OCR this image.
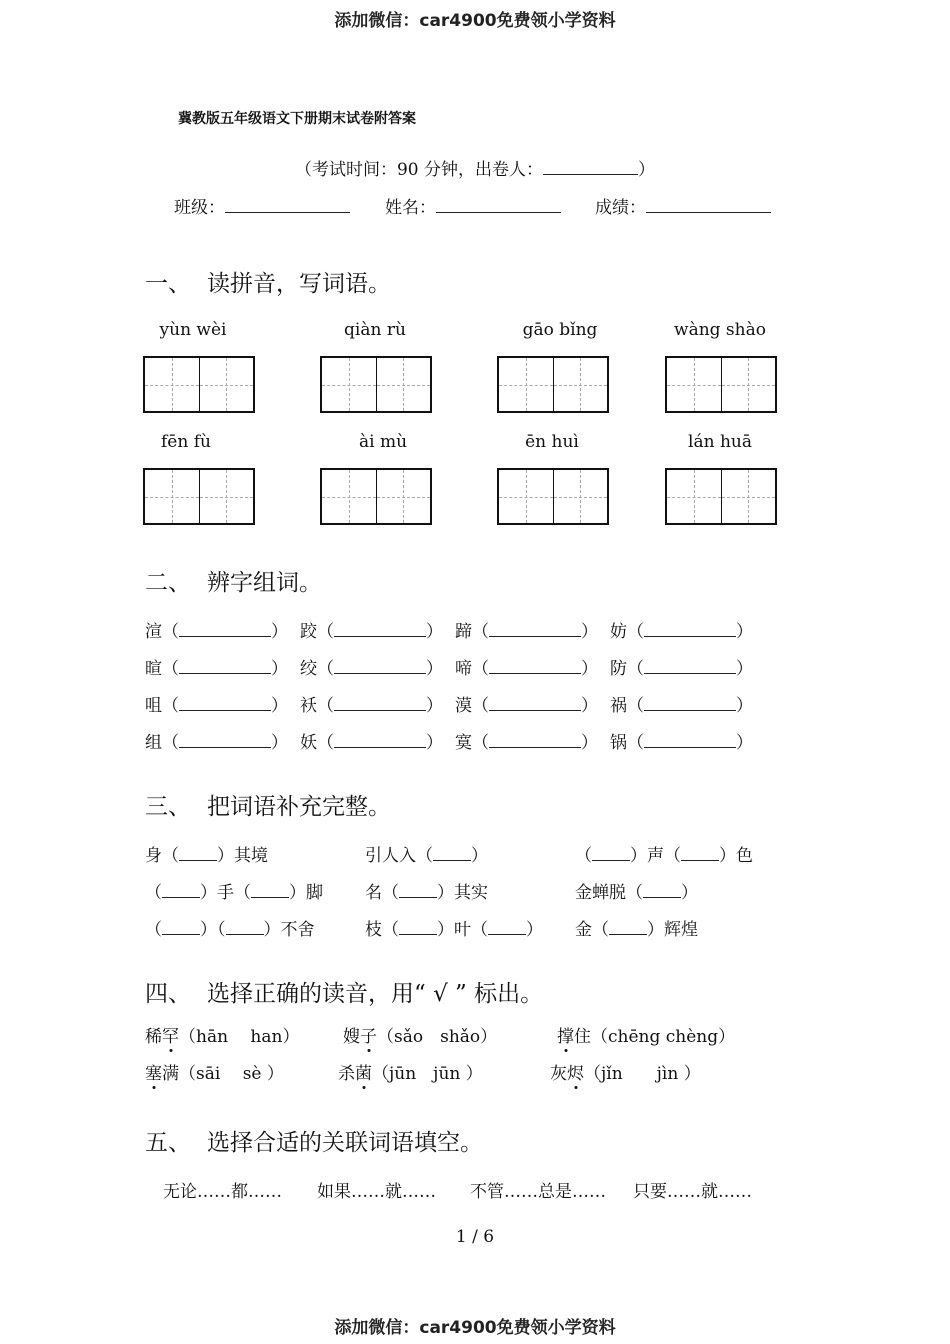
添加微信：car4900免费领小学资料

冀教版五年级语文下册期末试卷附答案
（考试时间：90 分钟，出卷人：	）
班级：	姓名：	成绩：
一、 读拼音，写词语。
yùn wèi	qiàn rù	gāo bǐng	wàng shào
fēn fù	ài mù	ēn huì	lán huā
二、 辨字组词。
渲（	） 跤（	） 蹄（	） 妨（	）
暄（	） 绞（	） 啼（	） 防（	）
咀（	） 袄（	） 漠（	） 祸（	）
组（	） 妖（	） 寞（	） 锅（	）
三、 把词语补充完整。
身（ ）其境	引人入（ ）	（ ）声（ ）色
（ ）手（ ）脚 名（ ）其实	金蝉脱（ ）
（ ）（ ）不舍	枝（ ）叶（ ） 金（ ）辉煌
四、 选择正确的读音，用“ √ ” 标出。
稀罕（hān　 han）	嫂子（sǎo　shǎo）	撑住（chēng chèng）
塞满（sāi　 sè ）	杀菌（jūn　jūn ）	灰烬（jǐn　　jìn ）
五、 选择合适的关联词语填空。
无论……都…… 如果……就…… 不管……总是…… 只要……就……
1 / 6
添加微信：car4900免费领小学资料
